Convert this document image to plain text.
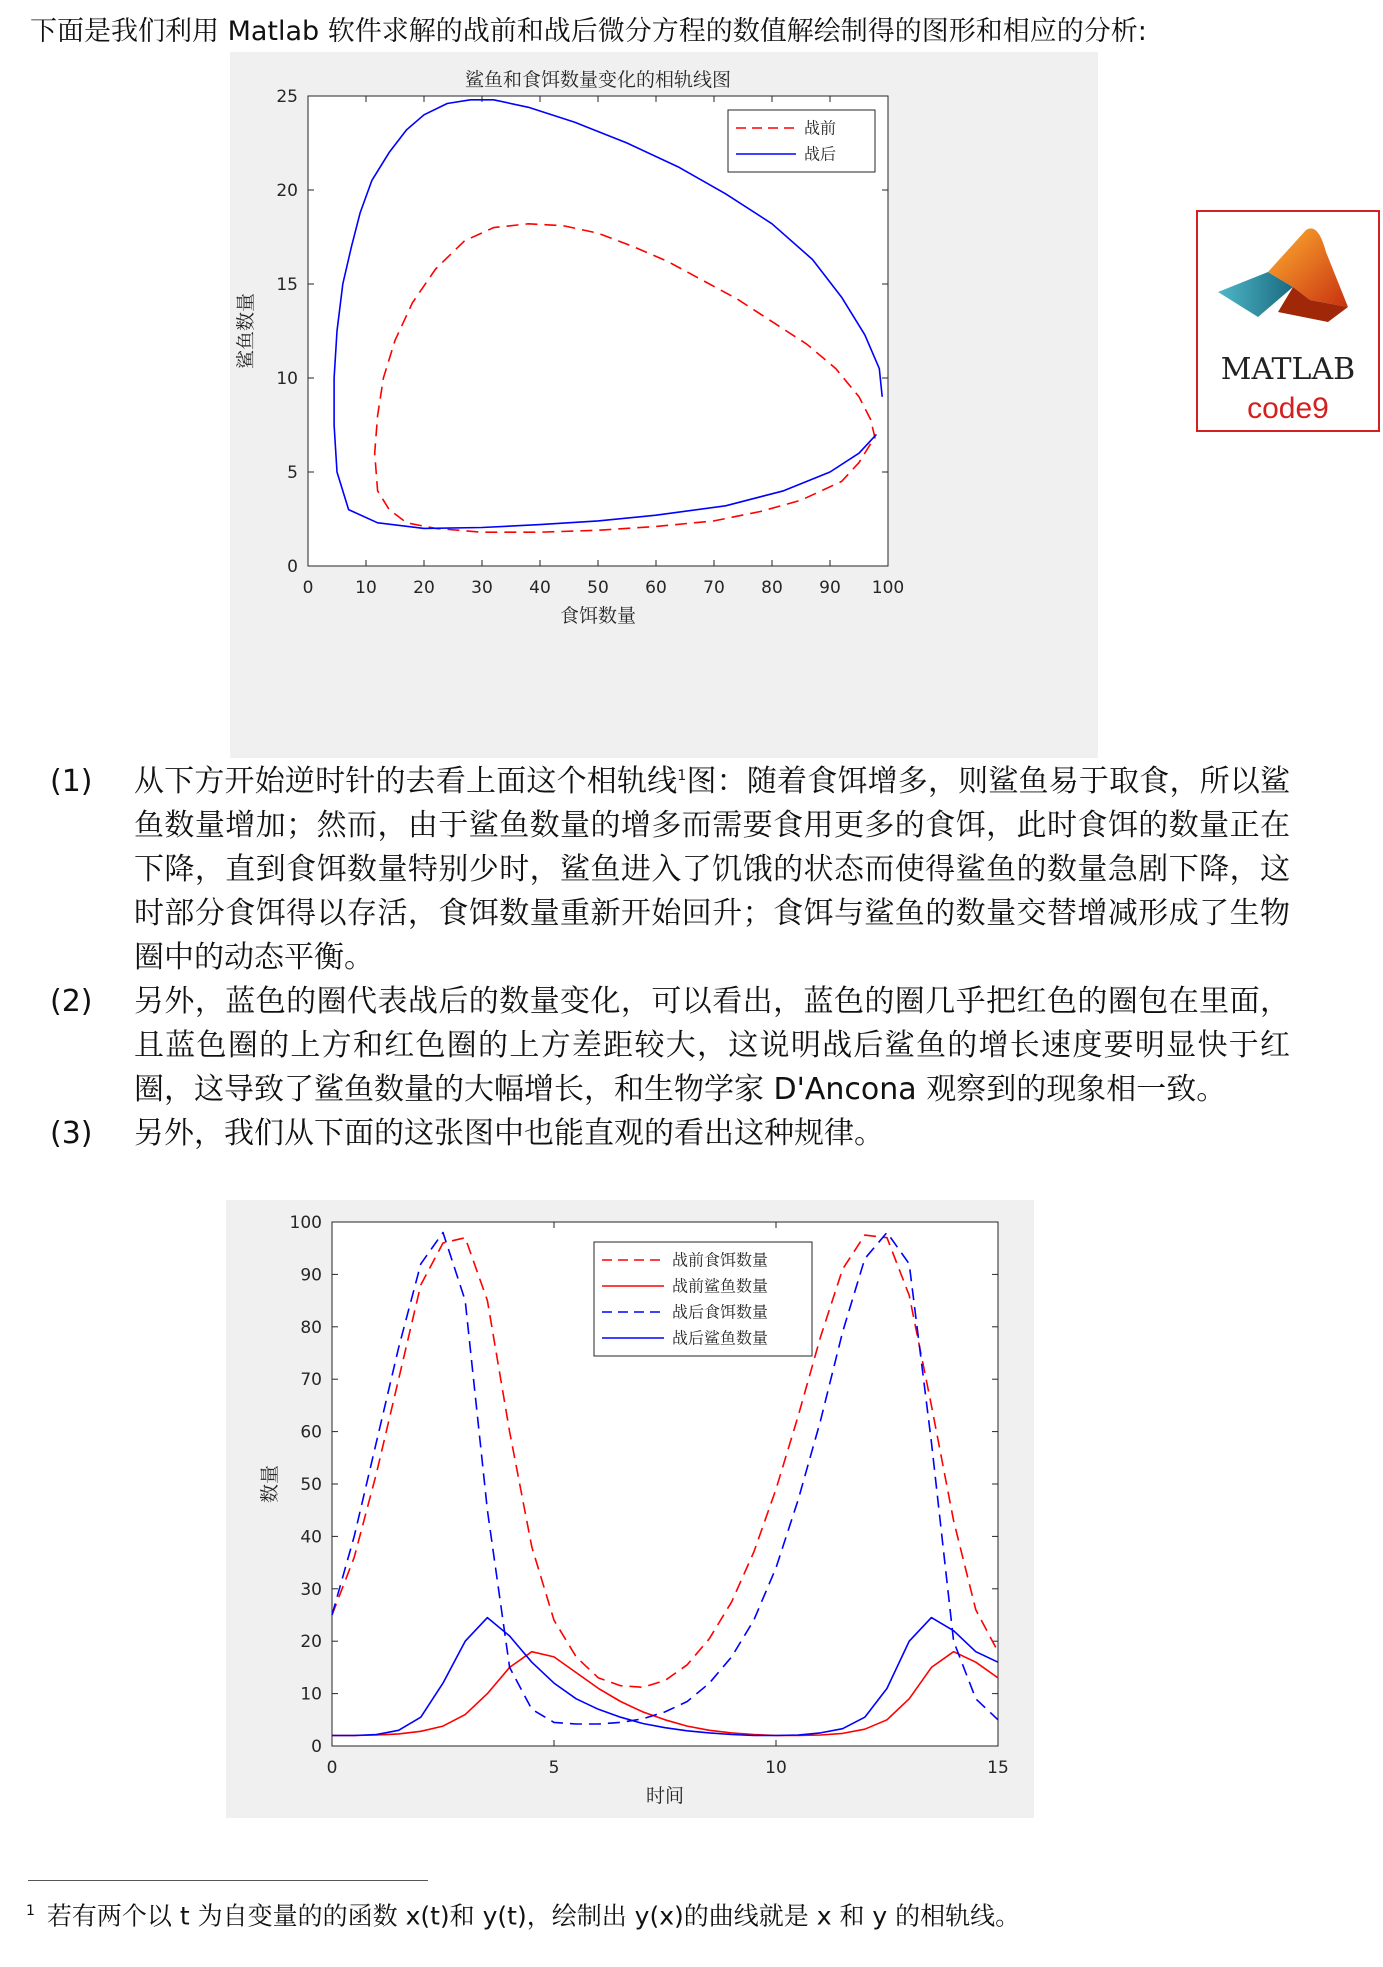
下面是我们利用 Matlab 软件求解的战前和战后微分方程的数值解绘制得的图形和相应的分析:
0 10 20 30 40 50 60 70 80 90 100
0
5
10
15
20
25
鲨鱼和食饵数量变化的相轨线图
食饵数量
鲨鱼数量
战前
战后
MATLAB
code9
(1)	从下方开始逆时针的去看上面这个相轨线$^1$图：随着食饵增多，则鲨鱼易于取食，所以鲨鱼数量增加；然而，由于鲨鱼数量的增多而需要食用更多的食饵，此时食饵的数量正在下降，直到食饵数量特别少时，鲨鱼进入了饥饿的状态而使得鲨鱼的数量急剧下降，这时部分食饵得以存活，食饵数量重新开始回升；食饵与鲨鱼的数量交替增减形成了生物圈中的动态平衡。
(2)	另外，蓝色的圈代表战后的数量变化，可以看出，蓝色的圈几乎把红色的圈包在里面，且蓝色圈的上方和红色圈的上方差距较大，这说明战后鲨鱼的增长速度要明显快于红圈，这导致了鲨鱼数量的大幅增长，和生物学家 D'Ancona 观察到的现象相一致。
(3)	另外，我们从下面的这张图中也能直观的看出这种规律。
0	5	10	15
0
10
20
30
40
50
60
70
80
90
100
时间
数量
战前食饵数量
战前鲨鱼数量
战后食饵数量
战后鲨鱼数量
$^1$ 若有两个以 t 为自变量的的函数 x(t)和 y(t)，绘制出 y(x)的曲线就是 x 和 y 的相轨线。
